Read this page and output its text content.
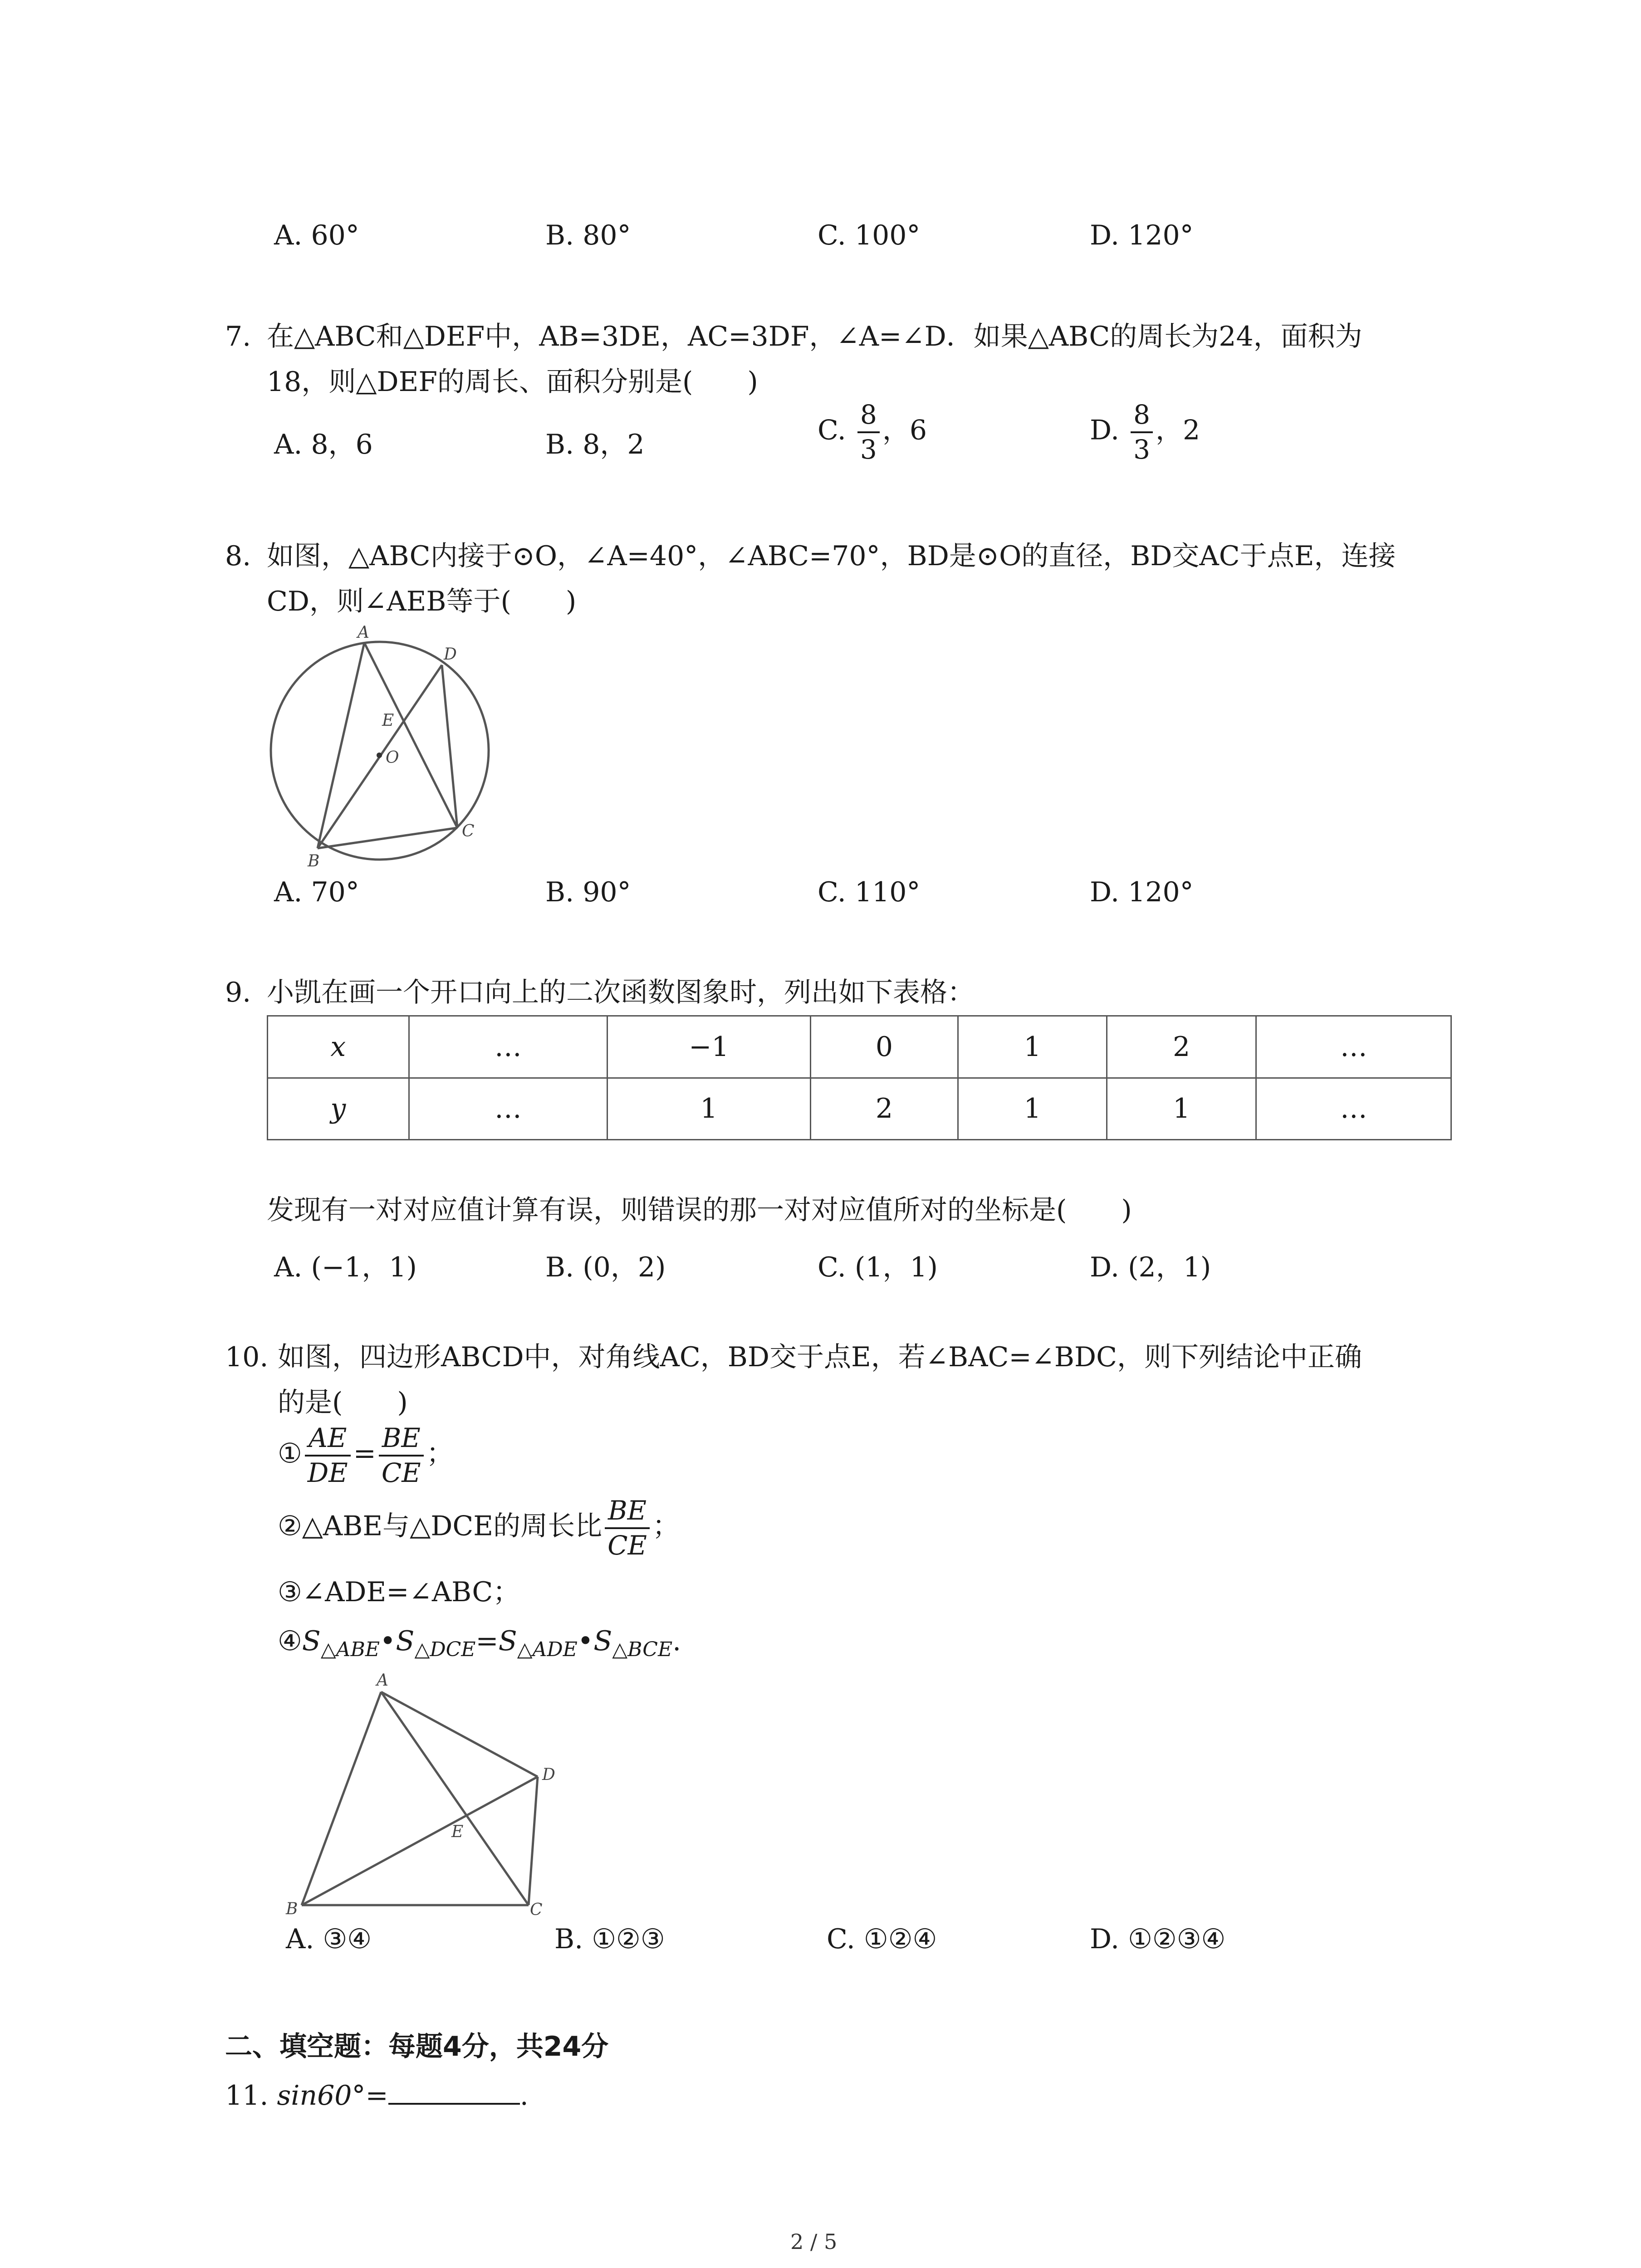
A. 60°	B. 80°	C. 100°	D. 120°
7. 在△ABC和△DEF中，AB=3DE，AC=3DF，∠A=∠D．如果△ABC的周长为24，面积为
18，则△DEF的周长、面积分别是(　　)
A. 8，6	B. 8，2	C. $\frac{8}{3}$ ，6	D. $\frac{8}{3}$ ，2
8. 如图，△ABC内接于⊙O，∠A=40°，∠ABC=70°，BD是⊙O的直径，BD交AC于点E，连接
CD，则∠AEB等于(　　)
A
D
E
O
C
B
A. 70°	B. 90°	C. 110°	D. 120°
9. 小凯在画一个开口向上的二次函数图象时，列出如下表格：
x	…	−1	0	1	2	…
y	…	1	2	1	1	…
发现有一对对应值计算有误，则错误的那一对对应值所对的坐标是(　　)
A. (−1，1)	B. (0，2)	C. (1，1)	D. (2，1)
10. 如图，四边形ABCD中，对角线AC，BD交于点E，若∠BAC=∠BDC，则下列结论中正确
的是(　　)
① $\frac{AE}{DE} = \frac{BE}{CE}$ ；
②△ABE与△DCE的周长比 $\frac{BE}{CE}$ ；
③∠ADE=∠ABC；
$④S_{\triangle ABE}•S_{\triangle DCE}=S_{\triangle ADE}•S_{\triangle BCE}$.
A
D
E
B	C
A. ③④	B. ①②③	C. ①②④	D. ①②③④
二、填空题：每题4分，共24分
11. sin60°=	.
2 / 5
